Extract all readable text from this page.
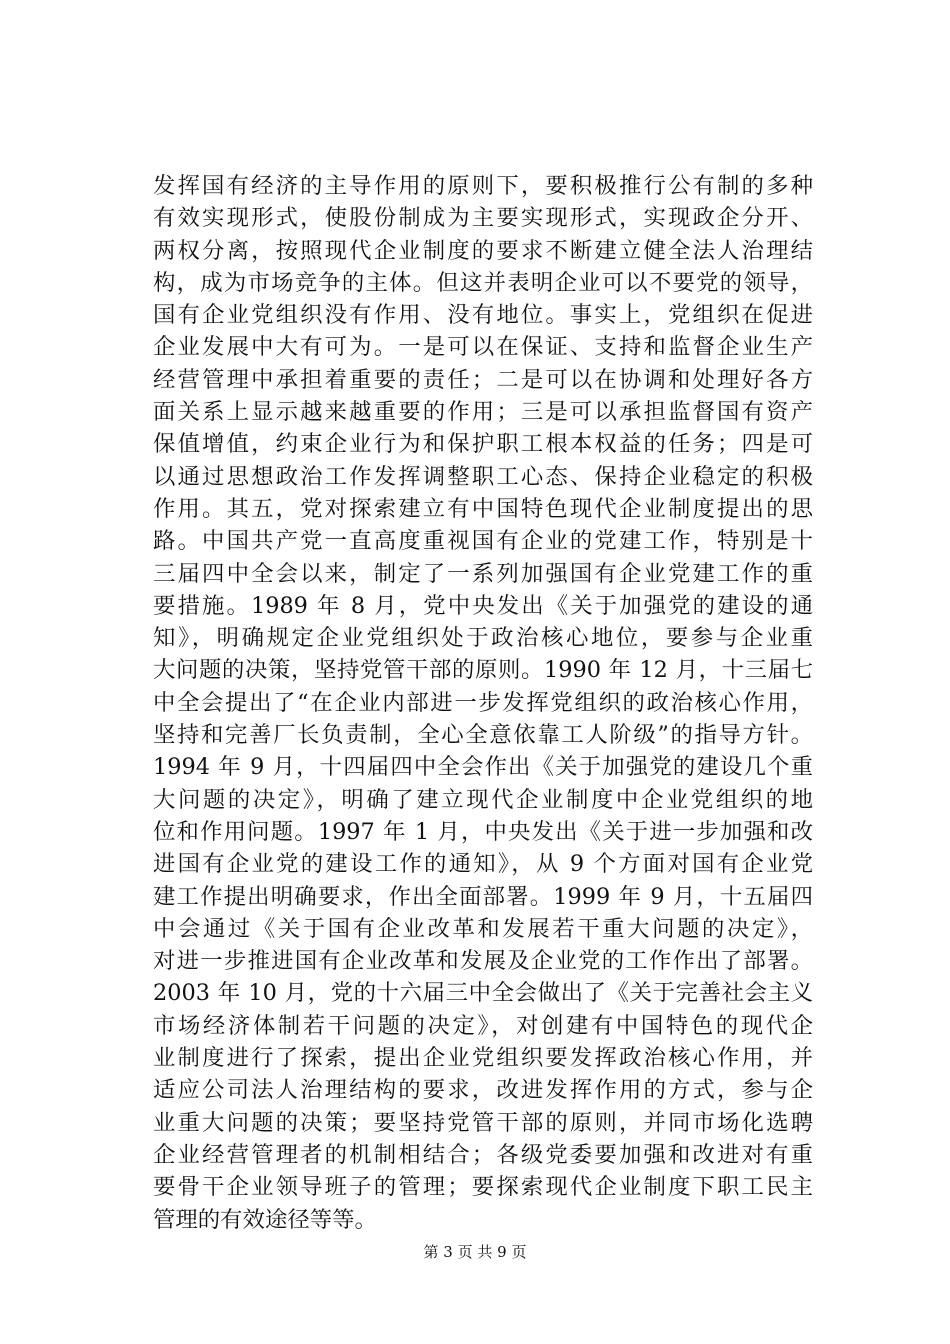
发挥国有经济的主导作用的原则下，要积极推行公有制的多种
有效实现形式，使股份制成为主要实现形式，实现政企分开、
两权分离，按照现代企业制度的要求不断建立健全法人治理结
构，成为市场竞争的主体。但这并表明企业可以不要党的领导，
国有企业党组织没有作用、没有地位。事实上，党组织在促进
企业发展中大有可为。一是可以在保证、支持和监督企业生产
经营管理中承担着重要的责任；二是可以在协调和处理好各方
面关系上显示越来越重要的作用；三是可以承担监督国有资产
保值增值，约束企业行为和保护职工根本权益的任务；四是可
以通过思想政治工作发挥调整职工心态、保持企业稳定的积极
作用。其五，党对探索建立有中国特色现代企业制度提出的思
路。中国共产党一直高度重视国有企业的党建工作，特别是十
三届四中全会以来，制定了一系列加强国有企业党建工作的重
要措施。1989 年 8 月，党中央发出《关于加强党的建设的通
知》，明确规定企业党组织处于政治核心地位，要参与企业重
大问题的决策，坚持党管干部的原则。1990 年 12 月，十三届七
中全会提出了“在企业内部进一步发挥党组织的政治核心作用，
坚持和完善厂长负责制，全心全意依靠工人阶级”的指导方针。
1994 年 9 月，十四届四中全会作出《关于加强党的建设几个重
大问题的决定》，明确了建立现代企业制度中企业党组织的地
位和作用问题。1997 年 1 月，中央发出《关于进一步加强和改
进国有企业党的建设工作的通知》，从 9 个方面对国有企业党
建工作提出明确要求，作出全面部署。1999 年 9 月，十五届四
中会通过《关于国有企业改革和发展若干重大问题的决定》，
对进一步推进国有企业改革和发展及企业党的工作作出了部署。
2003 年 10 月，党的十六届三中全会做出了《关于完善社会主义
市场经济体制若干问题的决定》，对创建有中国特色的现代企
业制度进行了探索，提出企业党组织要发挥政治核心作用，并
适应公司法人治理结构的要求，改进发挥作用的方式，参与企
业重大问题的决策；要坚持党管干部的原则，并同市场化选聘
企业经营管理者的机制相结合；各级党委要加强和改进对有重
要骨干企业领导班子的管理；要探索现代企业制度下职工民主
管理的有效途径等等。
第 3 页 共 9 页
